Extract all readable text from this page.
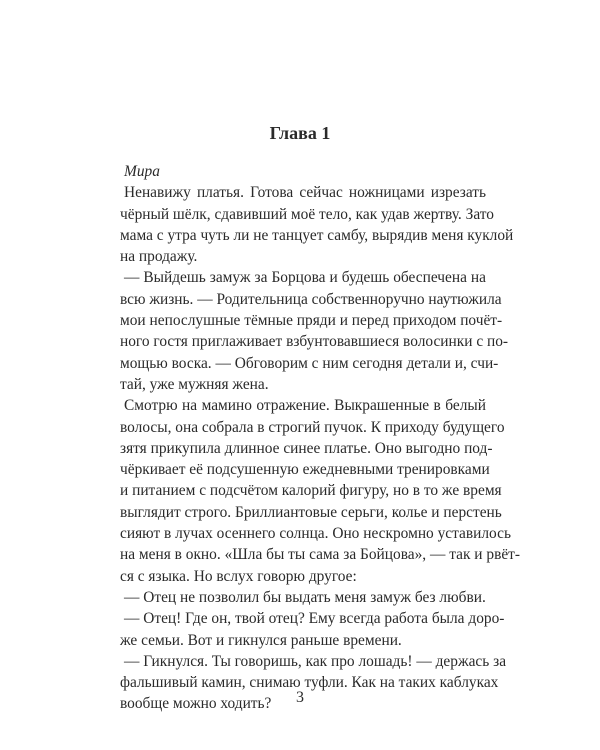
Глава 1
Мира
Ненавижу платья. Готова сейчас ножницами изрезать
чёрный шёлк, сдавивший моё тело, как удав жертву. Зато
мама с утра чуть ли не танцует самбу, вырядив меня куклой
на продажу.
— Выйдешь замуж за Борцова и будешь обеспечена на
всю жизнь. — Родительница собственноручно наутюжила
мои непослушные тёмные пряди и перед приходом почёт-
ного гостя приглаживает взбунтовавшиеся волосинки с по-
мощью воска. — Обговорим с ним сегодня детали и, счи-
тай, уже мужняя жена.
Смотрю на мамино отражение. Выкрашенные в белый
волосы, она собрала в строгий пучок. К приходу будущего
зятя прикупила длинное синее платье. Оно выгодно под-
чёркивает её подсушенную ежедневными тренировками
и питанием с подсчётом калорий фигуру, но в то же время
выглядит строго. Бриллиантовые серьги, колье и перстень
сияют в лучах осеннего солнца. Оно нескромно уставилось
на меня в окно. «Шла бы ты сама за Бойцова», — так и рвёт-
ся с языка. Но вслух говорю другое:
— Отец не позволил бы выдать меня замуж без любви.
— Отец! Где он, твой отец? Ему всегда работа была доро-
же семьи. Вот и гикнулся раньше времени.
— Гикнулся. Ты говоришь, как про лошадь! — держась за
фальшивый камин, снимаю туфли. Как на таких каблуках
вообще можно ходить?	3
